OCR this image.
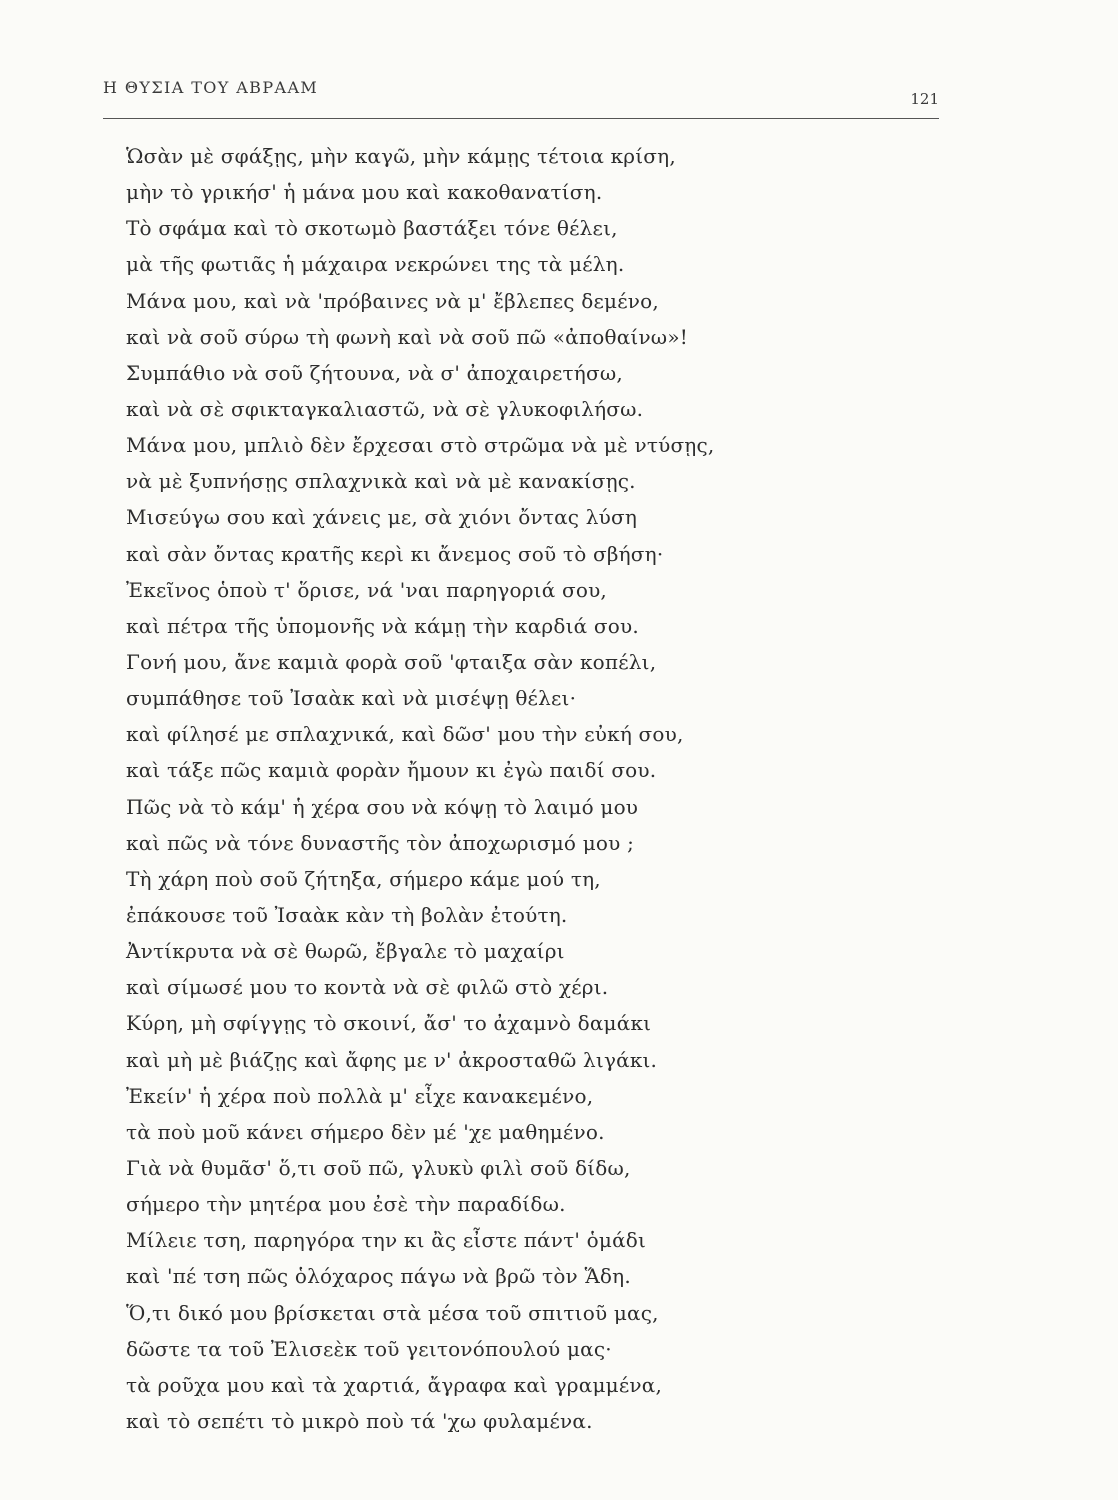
Η ΘΥΣΙΑ ΤΟΥ ΑΒΡΑΑΜ
121
Ὡσὰν μὲ σφάξῃς, μὴν καγῶ, μὴν κάμῃς τέτοια κρίση,
μὴν τὸ γρικήσ' ἡ μάνα μου καὶ κακοθανατίση.
Τὸ σφάμα καὶ τὸ σκοτωμὸ βαστάξει τόνε θέλει,
μὰ τῆς φωτιᾶς ἡ μάχαιρα νεκρώνει της τὰ μέλη.
Μάνα μου, καὶ νὰ 'πρόβαινες νὰ μ' ἔβλεπες δεμένο,
καὶ νὰ σοῦ σύρω τὴ φωνὴ καὶ νὰ σοῦ πῶ «ἀποθαίνω»!
Συμπάθιο νὰ σοῦ ζήτουνα, νὰ σ' ἀποχαιρετήσω,
καὶ νὰ σὲ σφικταγκαλιαστῶ, νὰ σὲ γλυκοφιλήσω.
Μάνα μου, μπλιὸ δὲν ἔρχεσαι στὸ στρῶμα νὰ μὲ ντύσῃς,
νὰ μὲ ξυπνήσῃς σπλαχνικὰ καὶ νὰ μὲ κανακίσῃς.
Μισεύγω σου καὶ χάνεις με, σὰ χιόνι ὄντας λύση
καὶ σὰν ὄντας κρατῆς κερὶ κι ἄνεμος σοῦ τὸ σβήση·
Ἐκεῖνος ὁποὺ τ' ὅρισε, νά 'ναι παρηγοριά σου,
καὶ πέτρα τῆς ὑπομονῆς νὰ κάμῃ τὴν καρδιά σου.
Γονή μου, ἄνε καμιὰ φορὰ σοῦ 'φταιξα σὰν κοπέλι,
συμπάθησε τοῦ Ἰσαὰκ καὶ νὰ μισέψῃ θέλει·
καὶ φίλησέ με σπλαχνικά, καὶ δῶσ' μου τὴν εὐκή σου,
καὶ τάξε πῶς καμιὰ φορὰν ἤμουν κι ἐγὼ παιδί σου.
Πῶς νὰ τὸ κάμ' ἡ χέρα σου νὰ κόψῃ τὸ λαιμό μου
καὶ πῶς νὰ τόνε δυναστῆς τὸν ἀποχωρισμό μου ;
Τὴ χάρη ποὺ σοῦ ζήτηξα, σήμερο κάμε μού τη,
ἐπάκουσε τοῦ Ἰσαὰκ κὰν τὴ βολὰν ἐτούτη.
Ἀντίκρυτα νὰ σὲ θωρῶ, ἔβγαλε τὸ μαχαίρι
καὶ σίμωσέ μου το κοντὰ νὰ σὲ φιλῶ στὸ χέρι.
Κύρη, μὴ σφίγγῃς τὸ σκοινί, ἄσ' το ἀχαμνὸ δαμάκι
καὶ μὴ μὲ βιάζῃς καὶ ἄφης με ν' ἀκροσταθῶ λιγάκι.
Ἐκείν' ἡ χέρα ποὺ πολλὰ μ' εἶχε κανακεμένο,
τὰ ποὺ μοῦ κάνει σήμερο δὲν μέ 'χε μαθημένο.
Γιὰ νὰ θυμᾶσ' ὅ,τι σοῦ πῶ, γλυκὺ φιλὶ σοῦ δίδω,
σήμερο τὴν μητέρα μου ἐσὲ τὴν παραδίδω.
Μίλειε τση, παρηγόρα την κι ἂς εἶστε πάντ' ὁμάδι
καὶ 'πέ τση πῶς ὁλόχαρος πάγω νὰ βρῶ τὸν Ἅδη.
Ὅ,τι δικό μου βρίσκεται στὰ μέσα τοῦ σπιτιοῦ μας,
δῶστε τα τοῦ Ἐλισεὲκ τοῦ γειτονόπουλού μας·
τὰ ροῦχα μου καὶ τὰ χαρτιά, ἄγραφα καὶ γραμμένα,
καὶ τὸ σεπέτι τὸ μικρὸ ποὺ τά 'χω φυλαμένα.
